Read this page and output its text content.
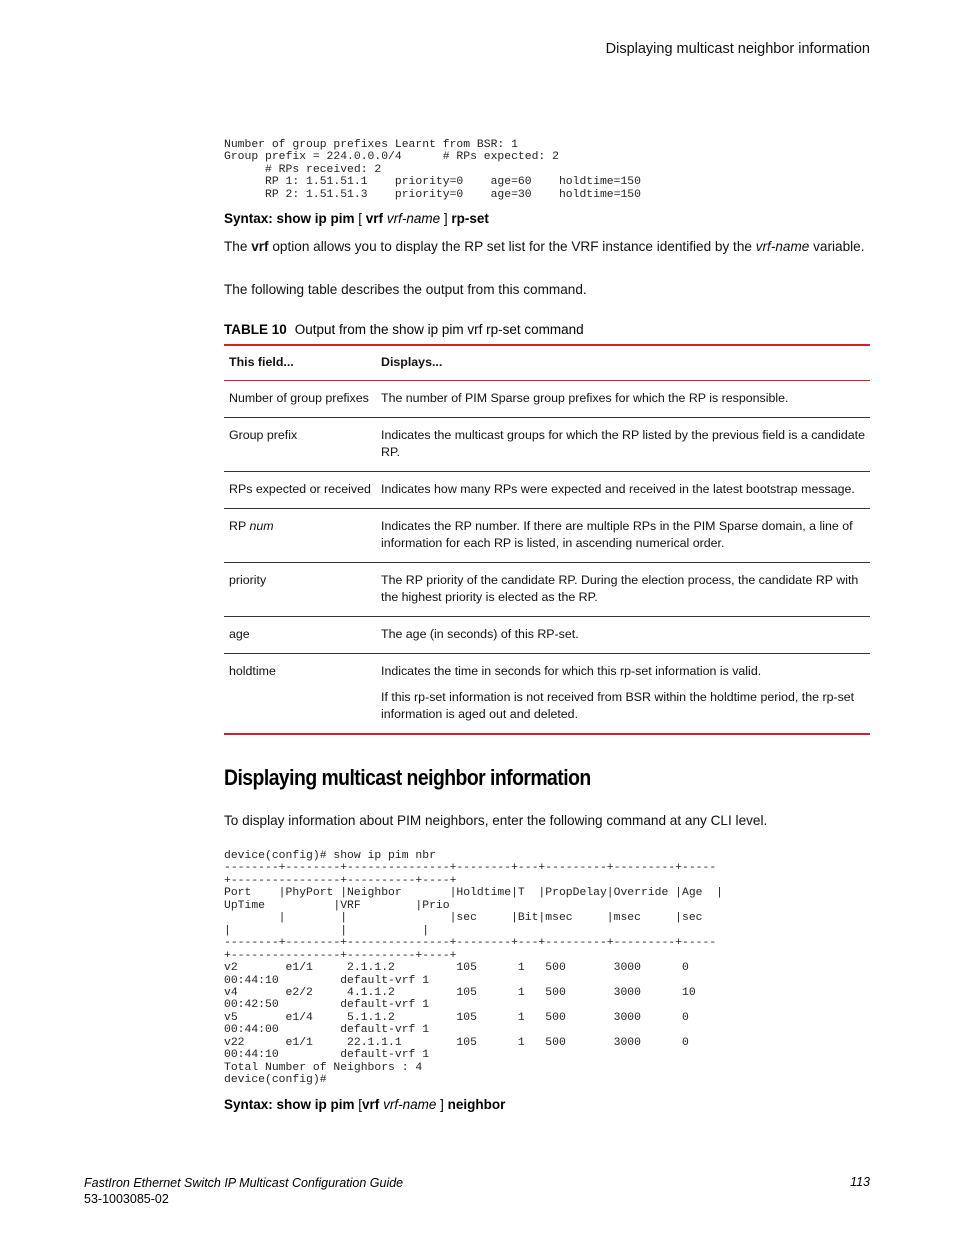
Displaying multicast neighbor information
Number of group prefixes Learnt from BSR: 1
Group prefix = 224.0.0.0/4      # RPs expected: 2
# RPs received: 2
RP 1: 1.51.51.1    priority=0    age=60    holdtime=150
RP 2: 1.51.51.3    priority=0    age=30    holdtime=150
Syntax: show ip pim [ vrf vrf-name ] rp-set
The vrf option allows you to display the RP set list for the VRF instance identified by the vrf-name variable.
The following table describes the output from this command.
TABLE 10 Output from the show ip pim vrf rp-set command
This field...	Displays...
Number of group prefixes	The number of PIM Sparse group prefixes for which the RP is responsible.
Group prefix	Indicates the multicast groups for which the RP listed by the previous field is a candidate RP.
RPs expected or received	Indicates how many RPs were expected and received in the latest bootstrap message.
RP num	Indicates the RP number. If there are multiple RPs in the PIM Sparse domain, a line of information for each RP is listed, in ascending numerical order.
priority	The RP priority of the candidate RP. During the election process, the candidate RP with the highest priority is elected as the RP.
age	The age (in seconds) of this RP-set.
holdtime	Indicates the time in seconds for which this rp-set information is valid.

If this rp-set information is not received from BSR within the holdtime period, the rp-set information is aged out and deleted.

Displaying multicast neighbor information
To display information about PIM neighbors, enter the following command at any CLI level.
device(config)# show ip pim nbr
--------+--------+---------------+--------+---+---------+---------+-----
+----------------+----------+----+
Port    |PhyPort |Neighbor       |Holdtime|T  |PropDelay|Override |Age  |
UpTime          |VRF        |Prio
|        |               |sec     |Bit|msec     |msec     |sec
|                |           |
--------+--------+---------------+--------+---+---------+---------+-----
+----------------+----------+----+
v2       e1/1     2.1.1.2         105      1   500       3000      0
00:44:10         default-vrf 1
v4       e2/2     4.1.1.2         105      1   500       3000      10
00:42:50         default-vrf 1
v5       e1/4     5.1.1.2         105      1   500       3000      0
00:44:00         default-vrf 1
v22      e1/1     22.1.1.1        105      1   500       3000      0
00:44:10         default-vrf 1
Total Number of Neighbors : 4
device(config)#
Syntax: show ip pim [vrf vrf-name ] neighbor
FastIron Ethernet Switch IP Multicast Configuration Guide
53-1003085-02
113
